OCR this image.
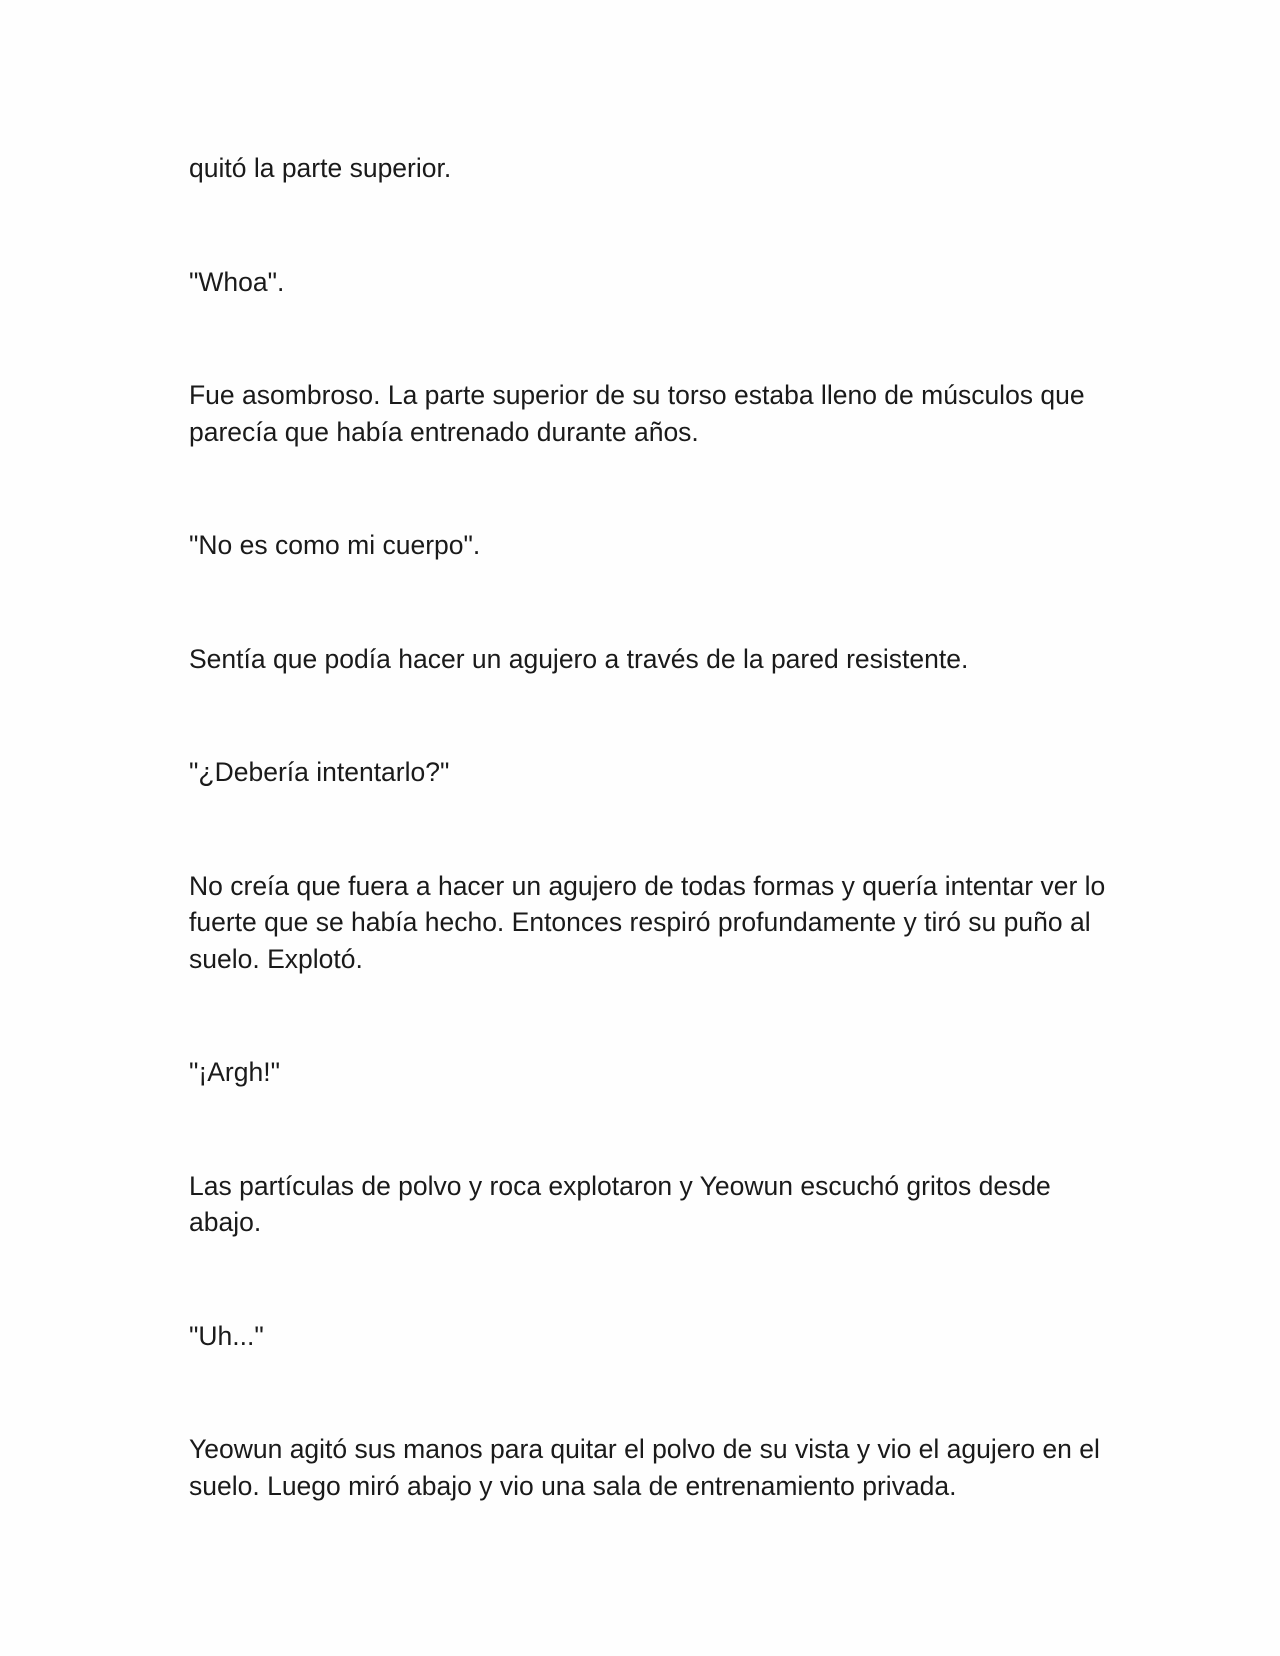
quitó la parte superior.

"Whoa".

Fue asombroso. La parte superior de su torso estaba lleno de músculos que parecía que había entrenado durante años.

"No es como mi cuerpo".

Sentía que podía hacer un agujero a través de la pared resistente.

"¿Debería intentarlo?"

No creía que fuera a hacer un agujero de todas formas y quería intentar ver lo fuerte que se había hecho. Entonces respiró profundamente y tiró su puño al suelo. Explotó.

"¡Argh!"

Las partículas de polvo y roca explotaron y Yeowun escuchó gritos desde abajo.

"Uh..."

Yeowun agitó sus manos para quitar el polvo de su vista y vio el agujero en el suelo. Luego miró abajo y vio una sala de entrenamiento privada.
